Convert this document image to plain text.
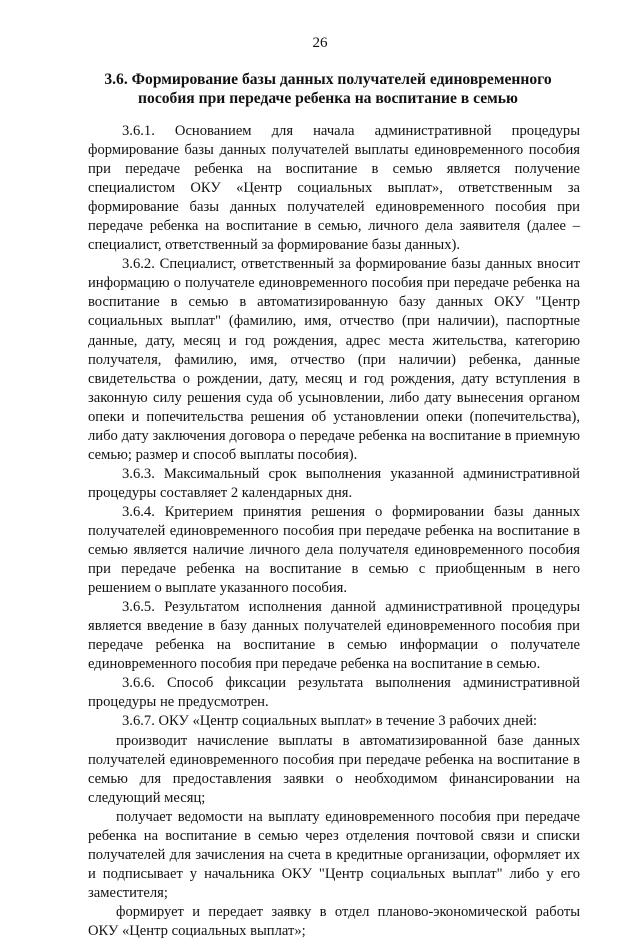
26
3.6. Формирование базы данных получателей единовременного
пособия при передаче ребенка на воспитание в семью

3.6.1. Основанием для начала административной процедуры формирование базы данных получателей выплаты единовременного пособия при передаче ребенка на воспитание в семью является получение специалистом ОКУ «Центр социальных выплат», ответственным за формирование базы данных получателей единовременного пособия при передаче ребенка на воспитание в семью, личного дела заявителя (далее – специалист, ответственный за формирование базы данных).

3.6.2. Специалист, ответственный за формирование базы данных вносит информацию о получателе единовременного пособия при передаче ребенка на воспитание в семью в автоматизированную базу данных ОКУ "Центр социальных выплат" (фамилию, имя, отчество (при наличии), паспортные данные, дату, месяц и год рождения, адрес места жительства, категорию получателя, фамилию, имя, отчество (при наличии) ребенка, данные свидетельства о рождении, дату, месяц и год рождения, дату вступления в законную силу решения суда об усыновлении, либо дату вынесения органом опеки и попечительства решения об установлении опеки (попечительства), либо дату заключения договора о передаче ребенка на воспитание в приемную семью; размер и способ выплаты пособия).

3.6.3. Максимальный срок выполнения указанной административной процедуры составляет 2 календарных дня.

3.6.4. Критерием принятия решения о формировании базы данных получателей единовременного пособия при передаче ребенка на воспитание в семью является наличие личного дела получателя единовременного пособия при передаче ребенка на воспитание в семью с приобщенным в него решением о выплате указанного пособия.

3.6.5. Результатом исполнения данной административной процедуры является введение в базу данных получателей единовременного пособия при передаче ребенка на воспитание в семью информации о получателе единовременного пособия при передаче ребенка на воспитание в семью.

3.6.6. Способ фиксации результата выполнения административной процедуры не предусмотрен.

3.6.7. ОКУ «Центр социальных выплат» в течение 3 рабочих дней:

производит начисление выплаты в автоматизированной базе данных получателей единовременного пособия при передаче ребенка на воспитание в семью для предоставления заявки о необходимом финансировании на следующий месяц;

получает ведомости на выплату единовременного пособия при передаче ребенка на воспитание в семью через отделения почтовой связи и списки получателей для зачисления на счета в кредитные организации, оформляет их и подписывает у начальника ОКУ "Центр социальных выплат" либо у его заместителя;

формирует и передает заявку в отдел планово-экономической работы ОКУ «Центр социальных выплат»;
